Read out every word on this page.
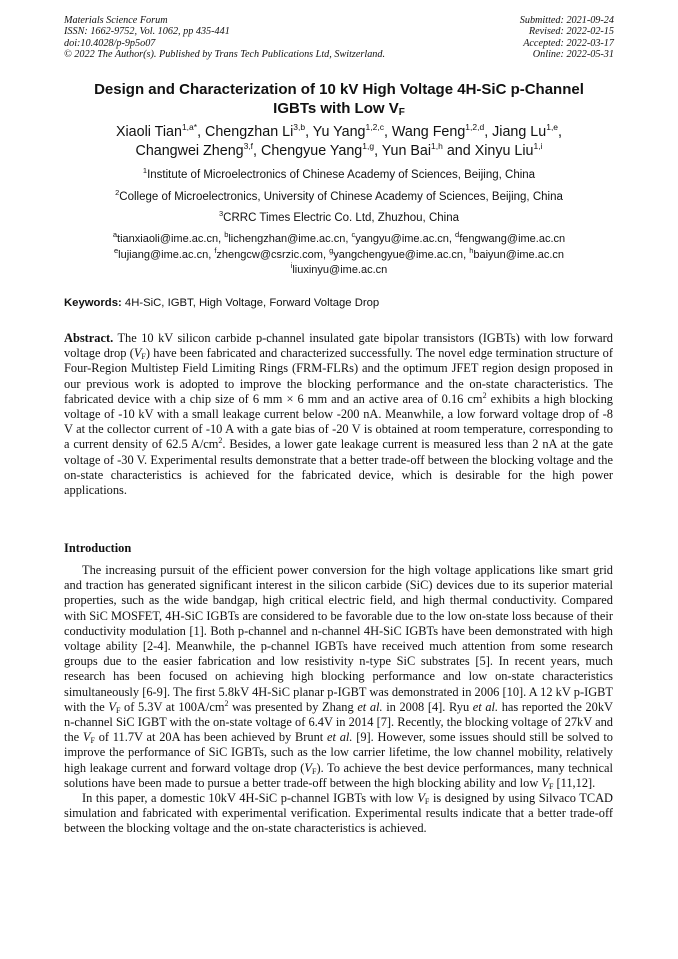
Materials Science Forum
ISSN: 1662-9752, Vol. 1062, pp 435-441
doi:10.4028/p-9p5o07
© 2022 The Author(s). Published by Trans Tech Publications Ltd, Switzerland.
Submitted: 2021-09-24
Revised: 2022-02-15
Accepted: 2022-03-17
Online: 2022-05-31
Design and Characterization of 10 kV High Voltage 4H-SiC p-Channel
IGBTs with Low $V_F$
Xiaoli Tian$^{1,a*}$, Chengzhan Li$^{3,b}$, Yu Yang$^{1,2,c}$, Wang Feng$^{1,2,d}$, Jiang Lu$^{1,e}$,
Changwei Zheng$^{3,f}$, Chengyue Yang$^{1,g}$, Yun Bai$^{1,h}$ and Xinyu Liu$^{1,i}$
$^1$Institute of Microelectronics of Chinese Academy of Sciences, Beijing, China
$^2$College of Microelectronics, University of Chinese Academy of Sciences, Beijing, China
$^3$CRRC Times Electric Co. Ltd, Zhuzhou, China
$^a$tianxiaoli@ime.ac.cn, $^b$lichengzhan@ime.ac.cn, $^c$yangyu@ime.ac.cn, $^d$fengwang@ime.ac.cn
$^e$lujiang@ime.ac.cn, $^f$zhengcw@csrzic.com, $^g$yangchengyue@ime.ac.cn, $^h$baiyun@ime.ac.cn
$^i$liuxinyu@ime.ac.cn
Keywords: 4H-SiC, IGBT, High Voltage, Forward Voltage Drop

Abstract. The 10 kV silicon carbide p-channel insulated gate bipolar transistors (IGBTs) with low forward voltage drop $(V_F)$ have been fabricated and characterized successfully. The novel edge termination structure of Four-Region Multistep Field Limiting Rings (FRM-FLRs) and the optimum JFET region design proposed in our previous work is adopted to improve the blocking performance and the on-state characteristics. The fabricated device with a chip size of 6 mm × 6 mm and an active area of 0.16 $cm^2$ exhibits a high blocking voltage of -10 kV with a small leakage current below -200 nA. Meanwhile, a low forward voltage drop of -8 V at the collector current of -10 A with a gate bias of -20 V is obtained at room temperature, corresponding to a current density of 62.5 $A/cm^2$. Besides, a lower gate leakage current is measured less than 2 nA at the gate voltage of -30 V. Experimental results demonstrate that a better trade-off between the blocking voltage and the on-state characteristics is achieved for the fabricated device, which is desirable for the high power applications.

Introduction

The increasing pursuit of the efficient power conversion for the high voltage applications like smart grid and traction has generated significant interest in the silicon carbide (SiC) devices due to its superior material properties, such as the wide bandgap, high critical electric field, and high thermal conductivity. Compared with SiC MOSFET, 4H-SiC IGBTs are considered to be favorable due to the low on-state loss because of their conductivity modulation [1]. Both p-channel and n-channel 4H-SiC IGBTs have been demonstrated with high voltage ability [2-4]. Meanwhile, the p-channel IGBTs have received much attention from some research groups due to the easier fabrication and low resistivity n-type SiC substrates [5]. In recent years, much research has been focused on achieving high blocking performance and low on-state characteristics simultaneously [6-9]. The first 5.8kV 4H-SiC planar p-IGBT was demonstrated in 2006 [10]. A 12 kV p-IGBT with the $V_F$ of 5.3V at $100A/cm^2$ was presented by Zhang et al. in 2008 [4]. Ryu et al. has reported the 20kV n-channel SiC IGBT with the on-state voltage of 6.4V in 2014 [7]. Recently, the blocking voltage of 27kV and the $V_F$ of 11.7V at 20A has been achieved by Brunt et al. [9]. However, some issues should still be solved to improve the performance of SiC IGBTs, such as the low carrier lifetime, the low channel mobility, relatively high leakage current and forward voltage drop $(V_F)$. To achieve the best device performances, many technical solutions have been made to pursue a better trade-off between the high blocking ability and low $V_F$ [11,12].

In this paper, a domestic 10kV 4H-SiC p-channel IGBTs with low $V_F$ is designed by using Silvaco TCAD simulation and fabricated with experimental verification. Experimental results indicate that a better trade-off between the blocking voltage and the on-state characteristics is achieved.
